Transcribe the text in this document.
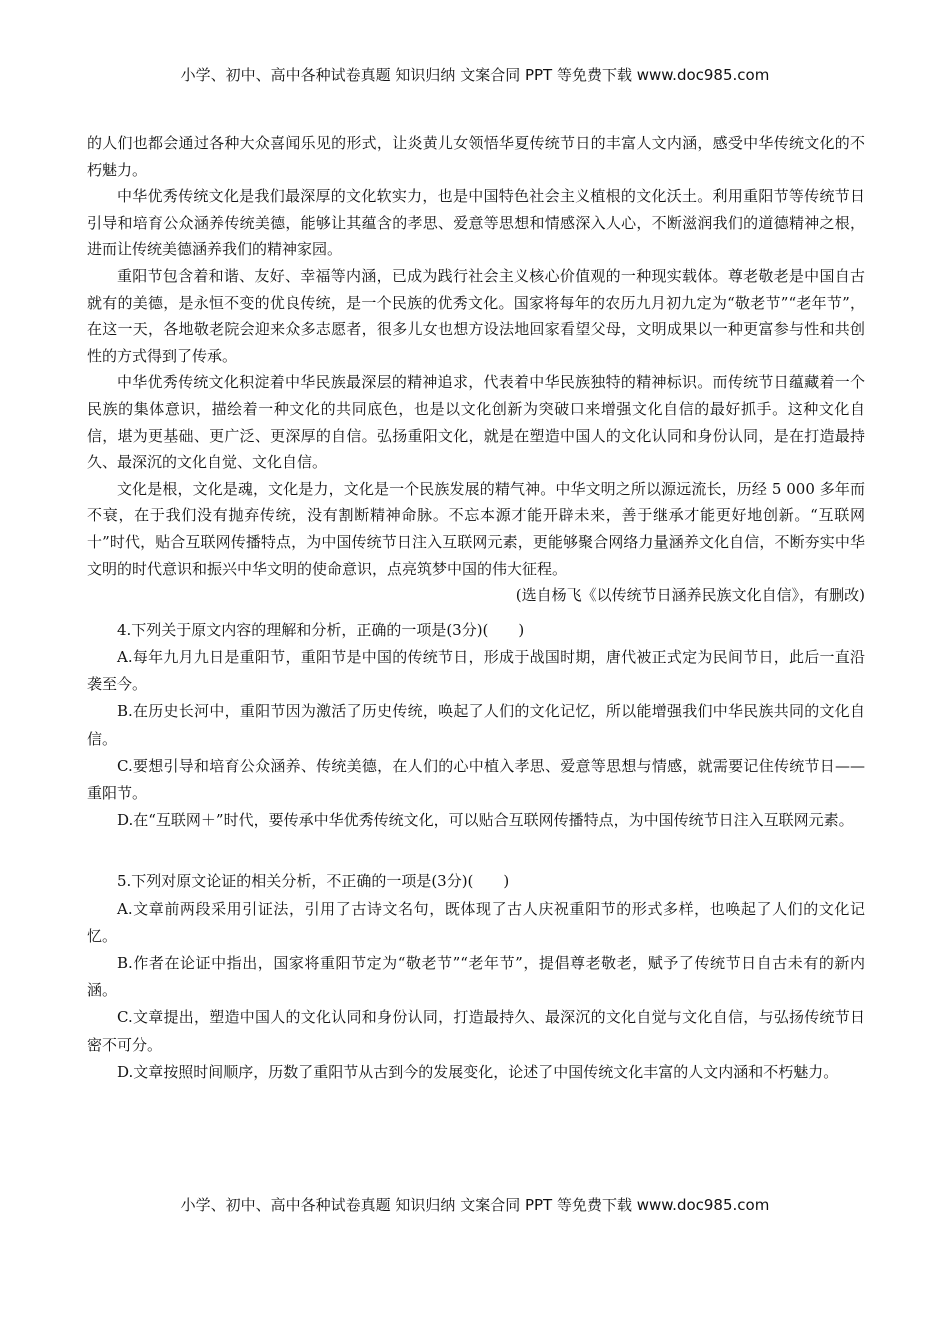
小学、初中、高中各种试卷真题 知识归纳 文案合同 PPT 等免费下载 www.doc985.com

的人们也都会通过各种大众喜闻乐见的形式，让炎黄儿女领悟华夏传统节日的丰富人文内涵，感受中华传统文化的不朽魅力。

中华优秀传统文化是我们最深厚的文化软实力，也是中国特色社会主义植根的文化沃土。利用重阳节等传统节日引导和培育公众涵养传统美德，能够让其蕴含的孝思、爱意等思想和情感深入人心，不断滋润我们的道德精神之根，进而让传统美德涵养我们的精神家园。

重阳节包含着和谐、友好、幸福等内涵，已成为践行社会主义核心价值观的一种现实载体。尊老敬老是中国自古就有的美德，是永恒不变的优良传统，是一个民族的优秀文化。国家将每年的农历九月初九定为“敬老节”“老年节”，在这一天，各地敬老院会迎来众多志愿者，很多儿女也想方设法地回家看望父母，文明成果以一种更富参与性和共创性的方式得到了传承。

中华优秀传统文化积淀着中华民族最深层的精神追求，代表着中华民族独特的精神标识。而传统节日蕴藏着一个民族的集体意识，描绘着一种文化的共同底色，也是以文化创新为突破口来增强文化自信的最好抓手。这种文化自信，堪为更基础、更广泛、更深厚的自信。弘扬重阳文化，就是在塑造中国人的文化认同和身份认同，是在打造最持久、最深沉的文化自觉、文化自信。

文化是根，文化是魂，文化是力，文化是一个民族发展的精气神。中华文明之所以源远流长，历经 5 000 多年而不衰，在于我们没有抛弃传统，没有割断精神命脉。不忘本源才能开辟未来，善于继承才能更好地创新。“互联网十”时代，贴合互联网传播特点，为中国传统节日注入互联网元素，更能够聚合网络力量涵养文化自信，不断夯实中华文明的时代意识和振兴中华文明的使命意识，点亮筑梦中国的伟大征程。

(选自杨飞《以传统节日涵养民族文化自信》，有删改)

4.下列关于原文内容的理解和分析，正确的一项是(3分)(　　)

A.每年九月九日是重阳节，重阳节是中国的传统节日，形成于战国时期，唐代被正式定为民间节日，此后一直沿袭至今。

B.在历史长河中，重阳节因为激活了历史传统，唤起了人们的文化记忆，所以能增强我们中华民族共同的文化自信。

C.要想引导和培育公众涵养、传统美德，在人们的心中植入孝思、爱意等思想与情感，就需要记住传统节日——重阳节。

D.在“互联网＋”时代，要传承中华优秀传统文化，可以贴合互联网传播特点，为中国传统节日注入互联网元素。

5.下列对原文论证的相关分析，不正确的一项是(3分)(　　)

A.文章前两段采用引证法，引用了古诗文名句，既体现了古人庆祝重阳节的形式多样，也唤起了人们的文化记忆。

B.作者在论证中指出，国家将重阳节定为“敬老节”“老年节”，提倡尊老敬老，赋予了传统节日自古未有的新内涵。

C.文章提出，塑造中国人的文化认同和身份认同，打造最持久、最深沉的文化自觉与文化自信，与弘扬传统节日密不可分。

D.文章按照时间顺序，历数了重阳节从古到今的发展变化，论述了中国传统文化丰富的人文内涵和不朽魅力。

小学、初中、高中各种试卷真题 知识归纳 文案合同 PPT 等免费下载 www.doc985.com
